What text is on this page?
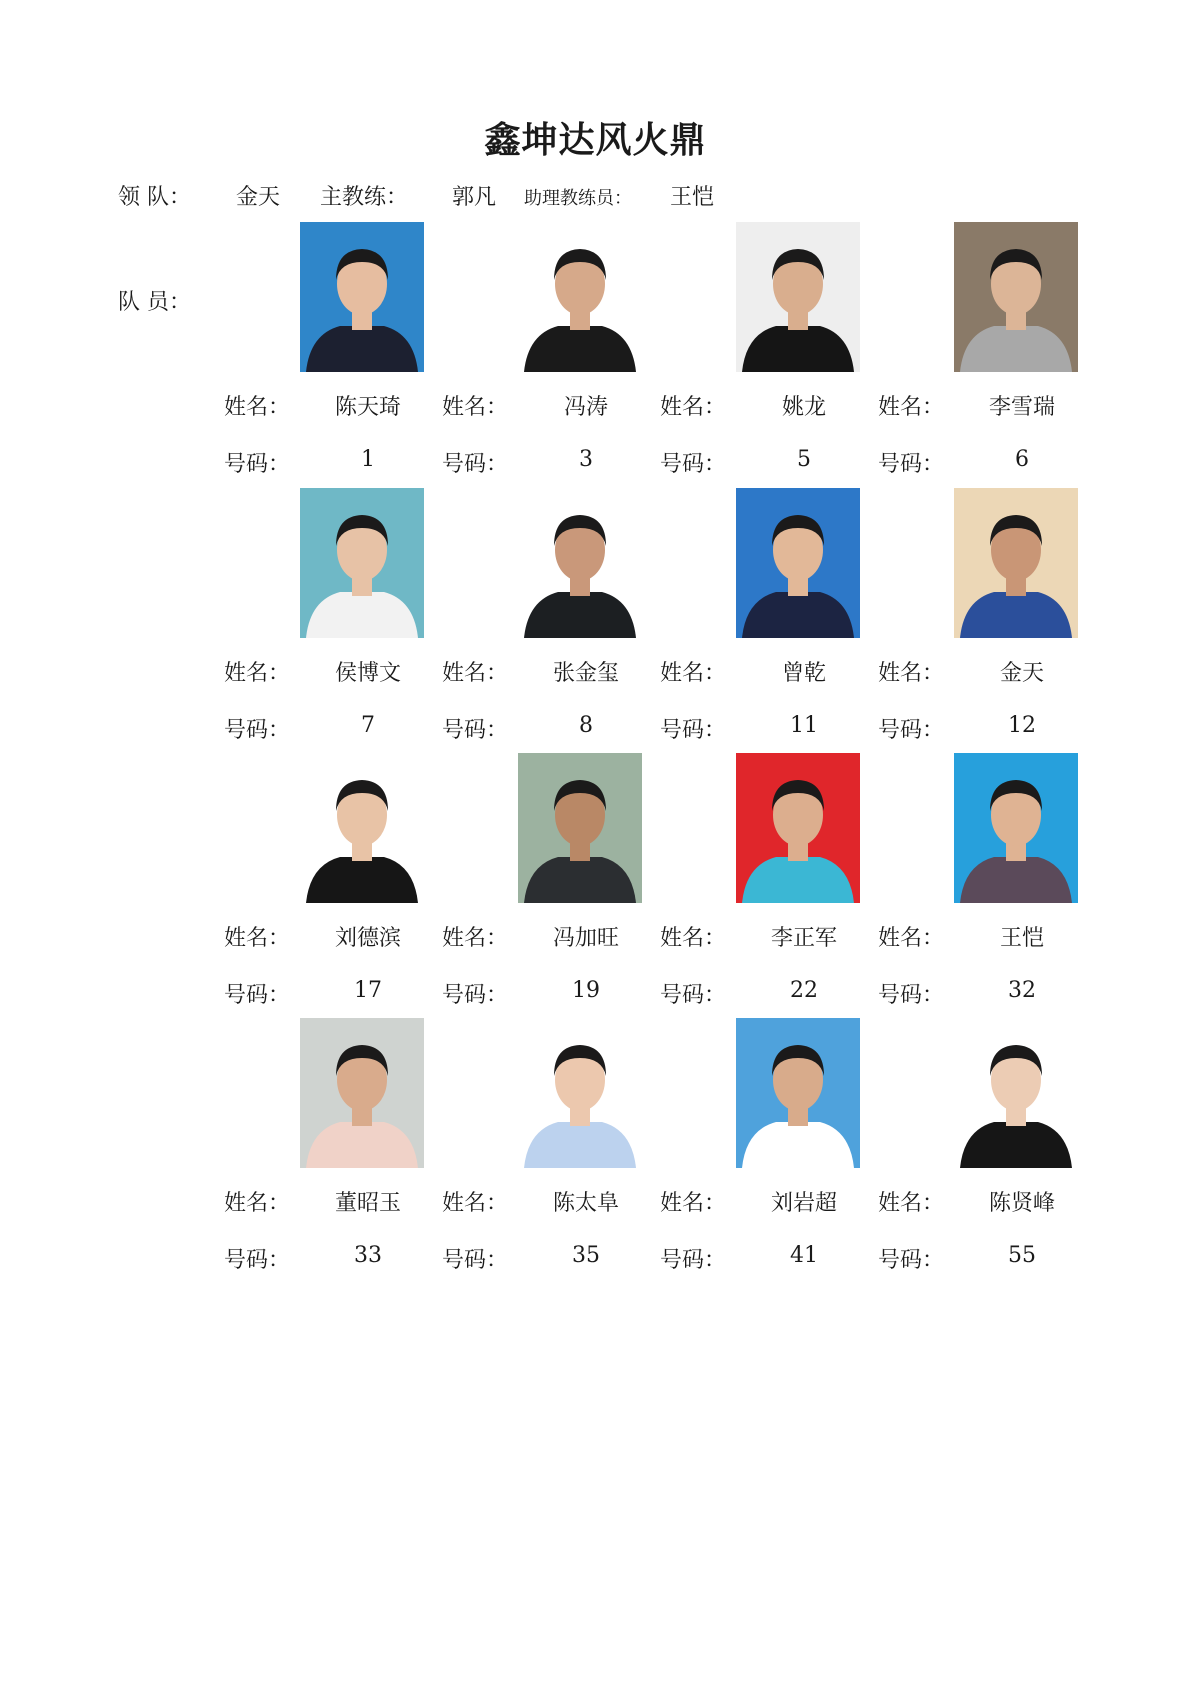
鑫坤达风火鼎
领 队： 金天 主教练： 郭凡 助理教练员： 王恺
队 员：
姓名：	陈天琦
号码：	1
姓名：	冯涛
号码：	3
姓名：	姚龙
号码：	5
姓名：	李雪瑞
号码：	6
姓名：	侯博文
号码：	7
姓名：	张金玺
号码：	8
姓名：	曾乾
号码：	11
姓名：	金天
号码：	12
姓名：	刘德滨
号码：	17
姓名：	冯加旺
号码：	19
姓名：	李正军
号码：	22
姓名：	王恺
号码：	32
姓名：	董昭玉
号码：	33
姓名：	陈太阜
号码：	35
姓名：	刘岩超
号码：	41
姓名：	陈贤峰
号码：	55
